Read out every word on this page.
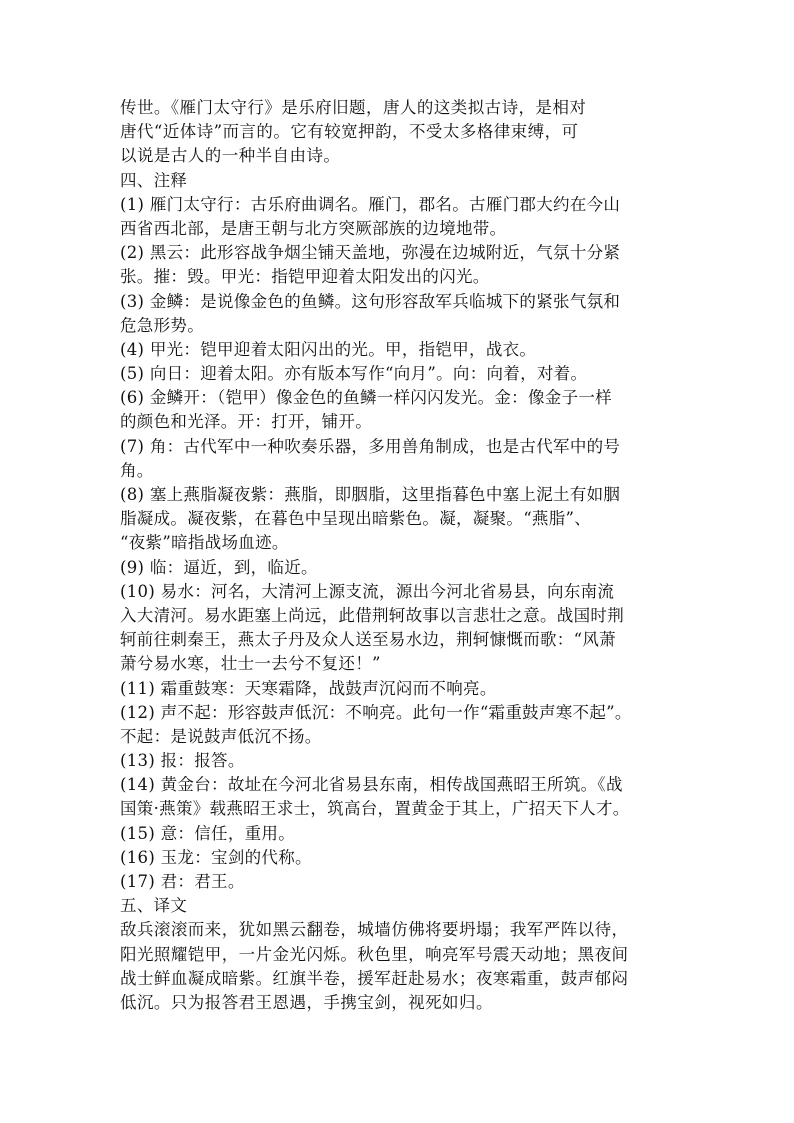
传世。《雁门太守行》是乐府旧题，唐人的这类拟古诗，是相对
唐代“近体诗”而言的。它有较宽押韵，不受太多格律束缚，可
以说是古人的一种半自由诗。
四、注释
(1) 雁门太守行：古乐府曲调名。雁门，郡名。古雁门郡大约在今山
西省西北部，是唐王朝与北方突厥部族的边境地带。
(2) 黑云：此形容战争烟尘铺天盖地，弥漫在边城附近，气氛十分紧
张。摧：毁。甲光：指铠甲迎着太阳发出的闪光。
(3) 金鳞：是说像金色的鱼鳞。这句形容敌军兵临城下的紧张气氛和
危急形势。
(4) 甲光：铠甲迎着太阳闪出的光。甲，指铠甲，战衣。
(5) 向日：迎着太阳。亦有版本写作“向月”。向：向着，对着。
(6) 金鳞开：（铠甲）像金色的鱼鳞一样闪闪发光。金：像金子一样
的颜色和光泽。开：打开，铺开。
(7) 角：古代军中一种吹奏乐器，多用兽角制成，也是古代军中的号
角。
(8) 塞上燕脂凝夜紫：燕脂，即胭脂，这里指暮色中塞上泥土有如胭
脂凝成。凝夜紫，在暮色中呈现出暗紫色。凝，凝聚。“燕脂”、
“夜紫”暗指战场血迹。
(9) 临：逼近，到，临近。
(10) 易水：河名，大清河上源支流，源出今河北省易县，向东南流
入大清河。易水距塞上尚远，此借荆轲故事以言悲壮之意。战国时荆
轲前往刺秦王，燕太子丹及众人送至易水边，荆轲慷慨而歌：“风萧
萧兮易水寒，壮士一去兮不复还！”
(11) 霜重鼓寒：天寒霜降，战鼓声沉闷而不响亮。
(12) 声不起：形容鼓声低沉：不响亮。此句一作“霜重鼓声寒不起”。
不起：是说鼓声低沉不扬。
(13) 报：报答。
(14) 黄金台：故址在今河北省易县东南，相传战国燕昭王所筑。《战
国策·燕策》载燕昭王求士，筑高台，置黄金于其上，广招天下人才。
(15) 意：信任，重用。
(16) 玉龙：宝剑的代称。
(17) 君：君王。
五、译文
敌兵滚滚而来，犹如黑云翻卷，城墙仿佛将要坍塌；我军严阵以待，
阳光照耀铠甲，一片金光闪烁。秋色里，响亮军号震天动地；黑夜间
战士鲜血凝成暗紫。红旗半卷，援军赶赴易水；夜寒霜重，鼓声郁闷
低沉。只为报答君王恩遇，手携宝剑，视死如归。
